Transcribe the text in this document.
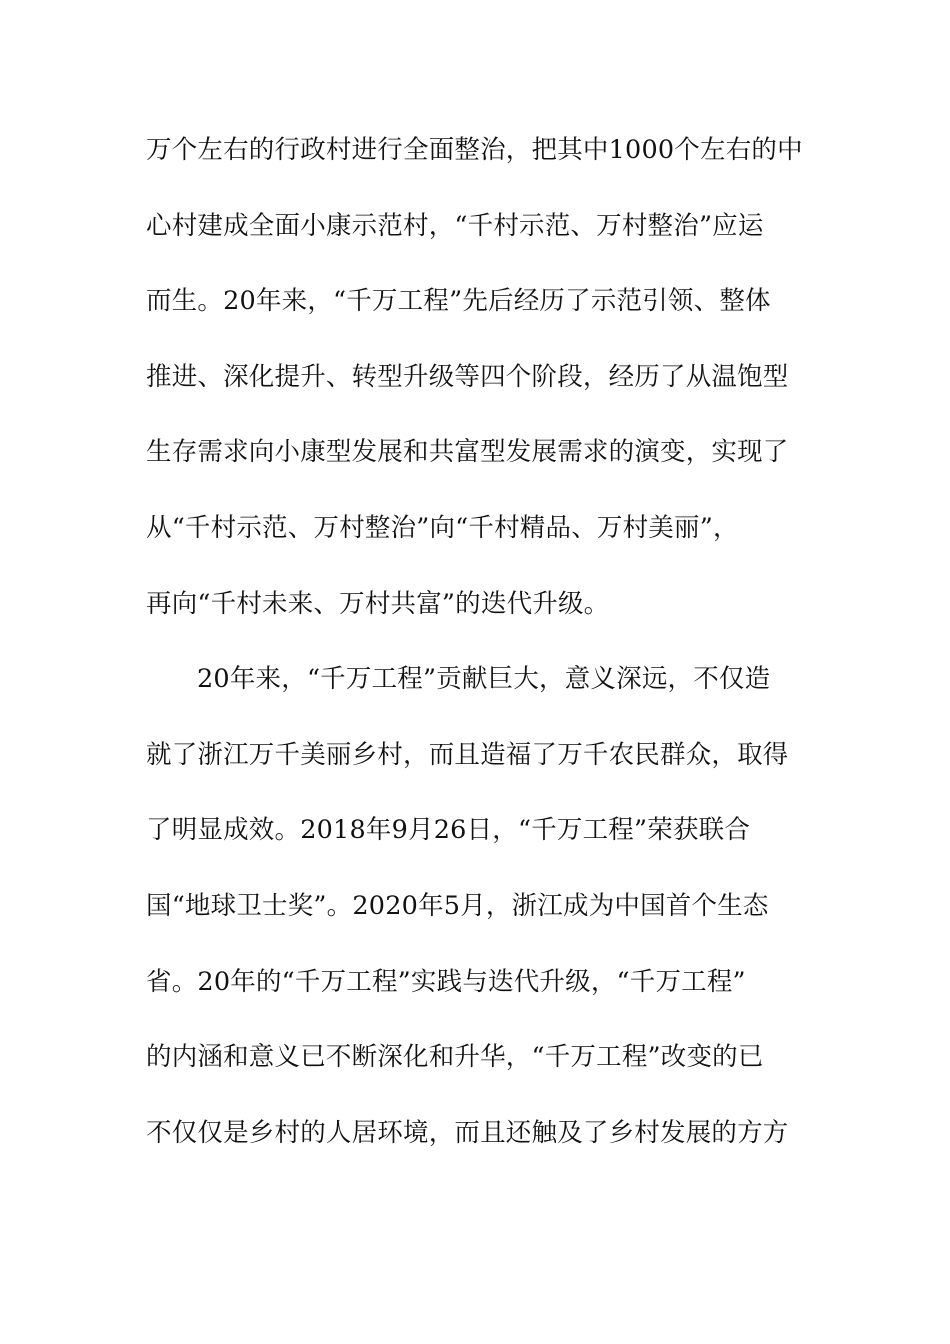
万个左右的行政村进行全面整治，把其中1000个左右的中
心村建成全面小康示范村，“千村示范、万村整治”应运
而生。20年来，“千万工程”先后经历了示范引领、整体
推进、深化提升、转型升级等四个阶段，经历了从温饱型
生存需求向小康型发展和共富型发展需求的演变，实现了
从“千村示范、万村整治”向“千村精品、万村美丽”，
再向“千村未来、万村共富”的迭代升级。
20年来，“千万工程”贡献巨大，意义深远，不仅造
就了浙江万千美丽乡村，而且造福了万千农民群众，取得
了明显成效。2018年9月26日，“千万工程”荣获联合
国“地球卫士奖”。2020年5月，浙江成为中国首个生态
省。20年的“千万工程”实践与迭代升级，“千万工程”
的内涵和意义已不断深化和升华，“千万工程”改变的已
不仅仅是乡村的人居环境，而且还触及了乡村发展的方方
